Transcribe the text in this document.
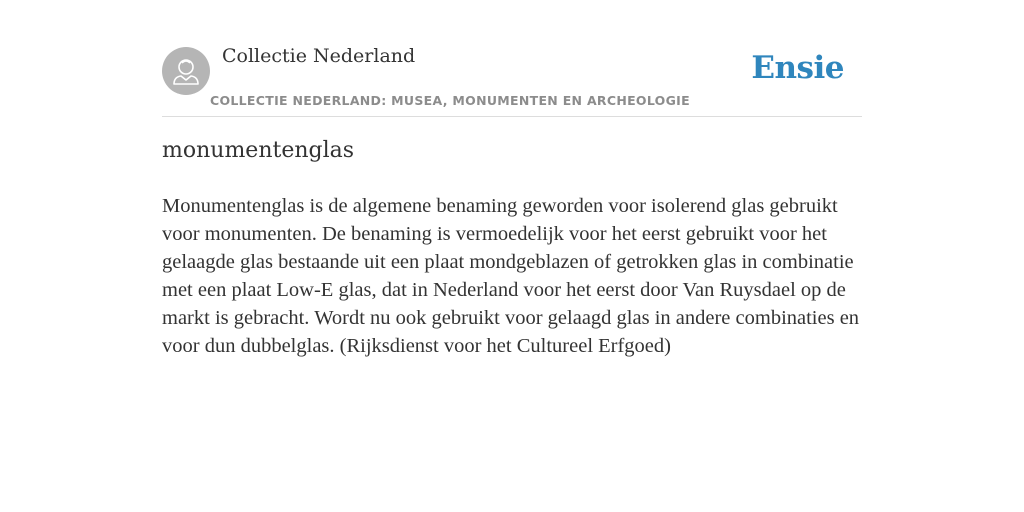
Collectie Nederland
COLLECTIE NEDERLAND: MUSEA, MONUMENTEN EN ARCHEOLOGIE
Ensie
monumentenglas

Monumentenglas is de algemene benaming geworden voor isolerend glas gebruikt voor monumenten. De benaming is vermoedelijk voor het eerst gebruikt voor het gelaagde glas bestaande uit een plaat mondgeblazen of getrokken glas in combinatie met een plaat Low-E glas, dat in Nederland voor het eerst door Van Ruysdael op de markt is gebracht. Wordt nu ook gebruikt voor gelaagd glas in andere combinaties en voor dun dubbelglas. (Rijksdienst voor het Cultureel Erfgoed)
